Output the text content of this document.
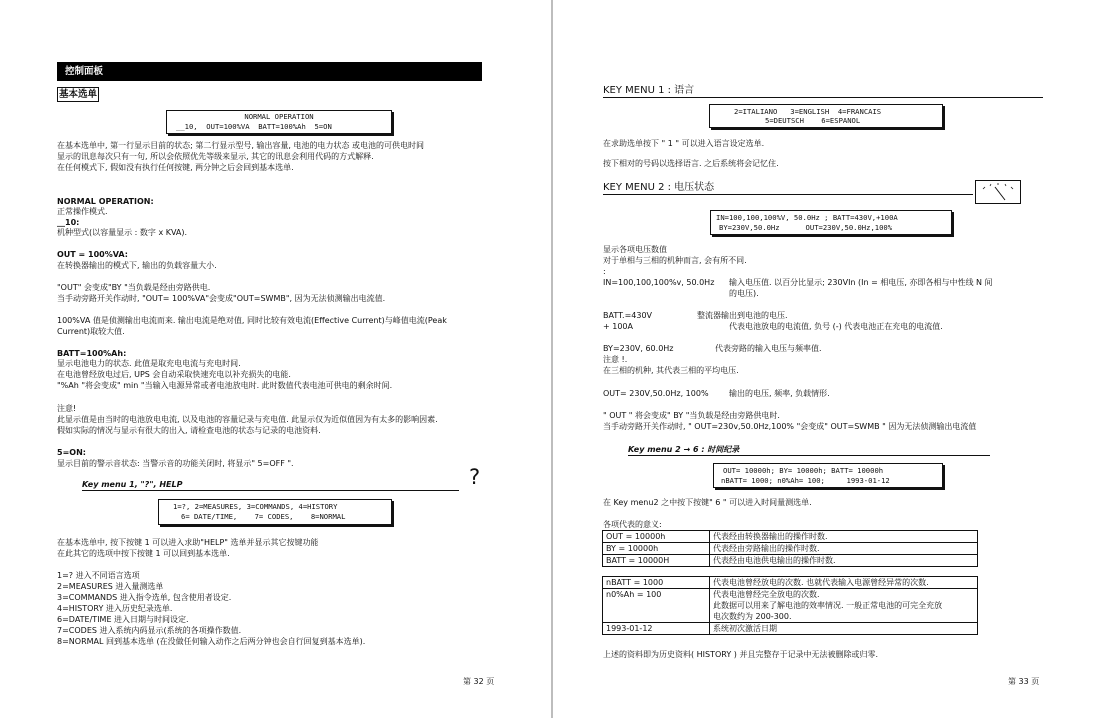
控制面板
基本选单
NORMAL OPERATION
__10,  OUT=100%VA  BATT=100%Ah  5=ON
在基本选单中, 第一行显示目前的状态; 第二行显示型号, 输出容量, 电池的电力状态 或电池的可供电时间
显示的讯息每次只有一句, 所以会依照优先等级来显示, 其它的讯息会利用代码的方式解释.
在任何模式下, 假如没有执行任何按键, 两分钟之后会回到基本选单.
NORMAL OPERATION:
正常操作模式.
__10:
机种型式(以容量显示 : 数字 x KVA).
OUT = 100%VA:
在转换器输出的模式下, 输出的负载容量大小.
"OUT" 会变成"BY "当负载是经由旁路供电.
当手动旁路开关作动时, "OUT= 100%VA"会变成"OUT=SWMB", 因为无法侦测输出电流值.
100%VA 值是侦测输出电流而来. 输出电流是绝对值, 同时比较有效电流(Effective Current)与峰值电流(Peak
Current)取较大值.
BATT=100%Ah:
显示电池电力的状态. 此值是取充电电流与充电时间.
在电池曾经放电过后, UPS 会自动采取快速充电以补充损失的电能.
"%Ah "将会变成" min "当输入电源异常或者电池放电时. 此时数值代表电池可供电的剩余时间.
注意!
此显示值是由当时的电池放电电流, 以及电池的容量记录与充电值. 此显示仅为近似值因为有太多的影响因素.
假如实际的情况与显示有很大的出入, 请检查电池的状态与记录的电池资料.
5=ON:
显示目前的警示音状态: 当警示音的功能关闭时, 将显示" 5=OFF ".
Key menu 1, "?", HELP	?
1=?, 2=MEASURES, 3=COMMANDS, 4=HISTORY
6= DATE/TIME,    7= CODES,    8=NORMAL
在基本选单中, 按下按键 1 可以进入求助"HELP" 选单并显示其它按键功能
在此其它的选项中按下按键 1 可以回到基本选单.
1=? 进入不同语言选项
2=MEASURES 进入量测选单
3=COMMANDS 进入指令选单, 包含使用者设定.
4=HISTORY 进入历史纪录选单.
6=DATE/TIME 进入日期与时间设定.
7=CODES 进入系统内码显示(系统的各项操作数值.
8=NORMAL 回到基本选单 (在没做任何输入动作之后两分钟也会自行回复到基本选单).
第 32 页
KEY MENU 1 : 语言
2=ITALIANO   3=ENGLISH  4=FRANCAIS
5=DEUTSCH    6=ESPANOL
在求助选单按下 " 1 " 可以进入语言设定选单.
按下相对的号码以选择语言. 之后系统将会记忆住.
KEY MENU 2 : 电压状态
IN=100,100,100%V, 50.0Hz ; BATT=430V,+100A
BY=230V,50.0Hz      OUT=230V,50.0Hz,100%
显示各项电压数值
对于单相与三相的机种而言, 会有所不同.
:
IN=100,100,100%v, 50.0Hz 输入电压值. 以百分比显示; 230VIn (In = 相电压, 亦即各相与中性线 N 间
的电压).
BATT.=430V	整流器输出到电池的电压.
+ 100A	代表电池放电的电流值, 负号 (-) 代表电池正在充电的电流值.
BY=230V, 60.0Hz	代表旁路的输入电压与频率值.
注意 !.
在三相的机种, 其代表三相的平均电压.
OUT= 230V,50.0Hz, 100%	输出的电压, 频率, 负载情形.
" OUT " 将会变成" BY "当负载是经由旁路供电时.
当手动旁路开关作动时, " OUT=230v,50.0Hz,100% "会变成" OUT=SWMB " 因为无法侦测输出电流值
Key menu 2 → 6 : 时间纪录
OUT= 10000h; BY= 10000h; BATT= 10000h
nBATT= 1000; n0%Ah= 100;     1993-01-12
在 Key menu2 之中按下按键" 6 " 可以进入时间量测选单.
各项代表的意义:
OUT = 10000h	代表经由转换器输出的操作时数.
BY = 10000h	代表经由旁路输出的操作时数.
BATT = 10000H	代表经由电池供电输出的操作时数.
nBATT = 1000	代表电池曾经放电的次数. 也就代表输入电源曾经异常的次数.
n0%Ah = 100	代表电池曾经完全放电的次数.
此数据可以用来了解电池的效率情况. 一般正常电池的可完全充放
电次数约为 200-300.

1993-01-12	系统初次激活日期
上述的资料即为历史资料( HISTORY ) 并且完整存于记录中无法被删除或归零.
第 33 页
